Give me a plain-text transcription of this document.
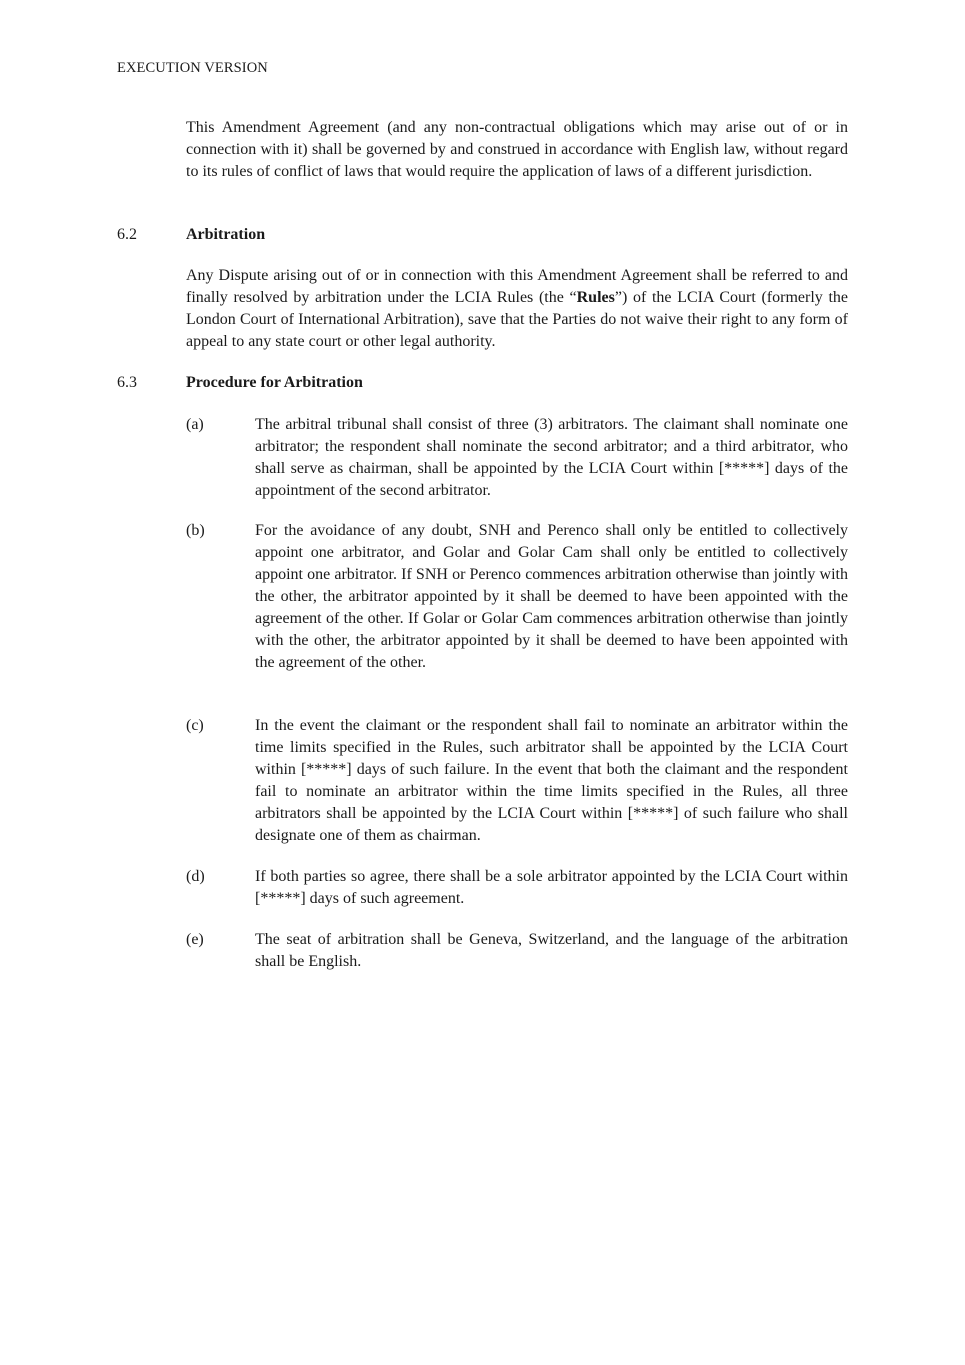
EXECUTION VERSION

This Amendment Agreement (and any non-contractual obligations which may arise out of or in connection with it) shall be governed by and construed in accordance with English law, without regard to its rules of conflict of laws that would require the application of laws of a different jurisdiction.

6.2	Arbitration

Any Dispute arising out of or in connection with this Amendment Agreement shall be referred to and finally resolved by arbitration under the LCIA Rules (the “Rules”) of the LCIA Court (formerly the London Court of International Arbitration), save that the Parties do not waive their right to any form of appeal to any state court or other legal authority.

6.3	Procedure for Arbitration
(a)	The arbitral tribunal shall consist of three (3) arbitrators. The claimant shall nominate one arbitrator; the respondent shall nominate the second arbitrator; and a third arbitrator, who shall serve as chairman, shall be appointed by the LCIA Court within [*****] days of the appointment of the second arbitrator.

(b)	For the avoidance of any doubt, SNH and Perenco shall only be entitled to collectively appoint one arbitrator, and Golar and Golar Cam shall only be entitled to collectively appoint one arbitrator. If SNH or Perenco commences arbitration otherwise than jointly with the other, the arbitrator appointed by it shall be deemed to have been appointed with the agreement of the other. If Golar or Golar Cam commences arbitration otherwise than jointly with the other, the arbitrator appointed by it shall be deemed to have been appointed with the agreement of the other.

(c)	In the event the claimant or the respondent shall fail to nominate an arbitrator within the time limits specified in the Rules, such arbitrator shall be appointed by the LCIA Court within [*****] days of such failure. In the event that both the claimant and the respondent fail to nominate an arbitrator within the time limits specified in the Rules, all three arbitrators shall be appointed by the LCIA Court within [*****] of such failure who shall designate one of them as chairman.

(d)	If both parties so agree, there shall be a sole arbitrator appointed by the LCIA Court within [*****] days of such agreement.

(e)	The seat of arbitration shall be Geneva, Switzerland, and the language of the arbitration shall be English.
